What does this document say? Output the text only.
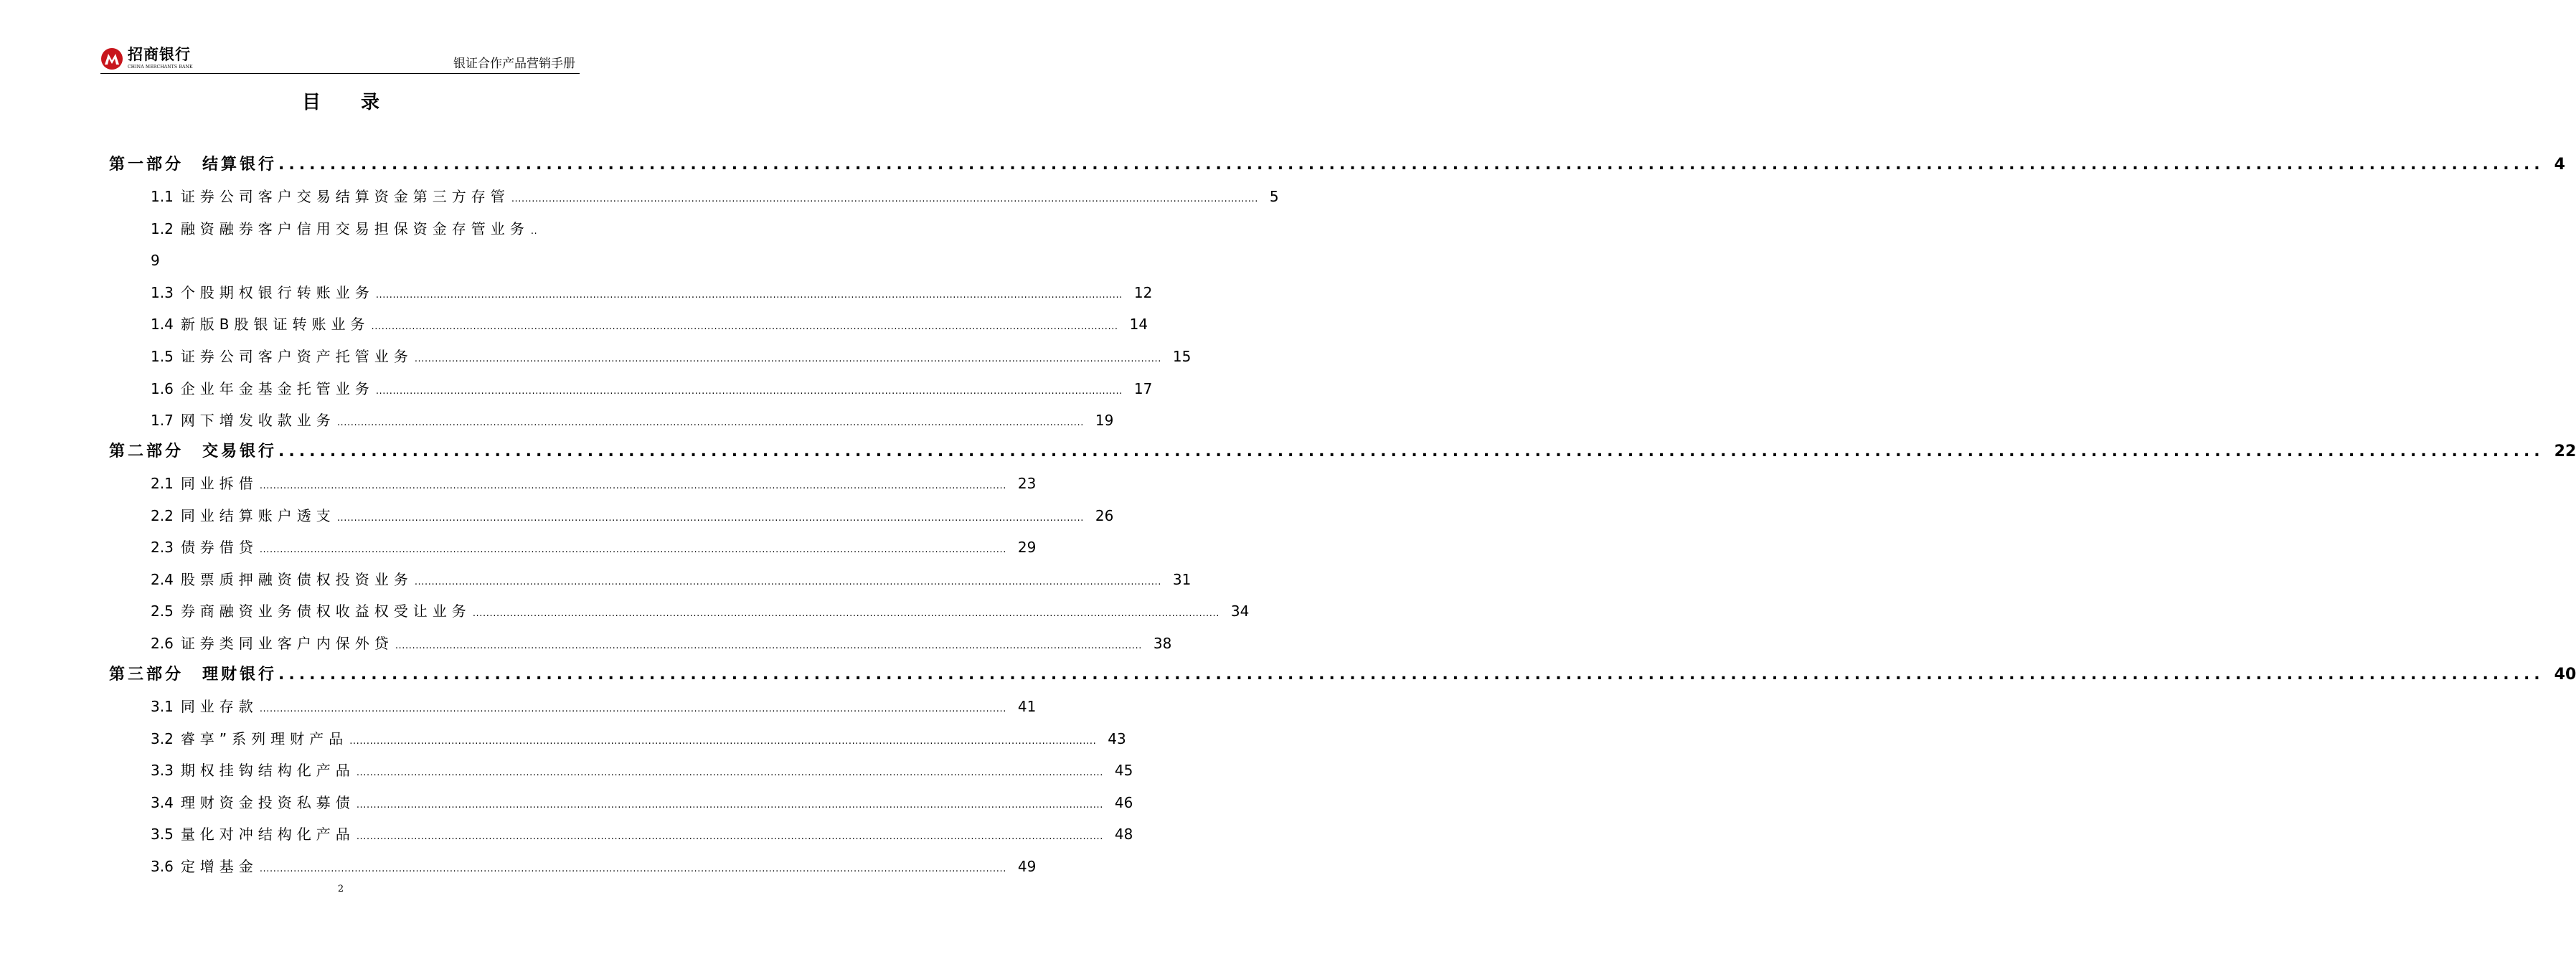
招商银行
CHINA MERCHANTS BANK	银证合作产品营销手册
目录
第一部分 结算银行 ............................................................................................................................................................................................................................ 4
1.1 证券公司客户交易结算资金第三方存管 ............................................................................................................................................................................................................................ 5
1.2 融资融券客户信用交易担保资金存管业务 ..
9
1.3 个股期权银行转账业务 ............................................................................................................................................................................................................................ 12
1.4 新版B股银证转账业务 ............................................................................................................................................................................................................................ 14
1.5 证券公司客户资产托管业务 ............................................................................................................................................................................................................................ 15
1.6 企业年金基金托管业务 ............................................................................................................................................................................................................................ 17
1.7 网下增发收款业务 ............................................................................................................................................................................................................................ 19
第二部分 交易银行 ............................................................................................................................................................................................................................ 22
2.1 同业拆借 ............................................................................................................................................................................................................................ 23
2.2 同业结算账户透支 ............................................................................................................................................................................................................................ 26
2.3 债券借贷 ............................................................................................................................................................................................................................ 29
2.4 股票质押融资债权投资业务 ............................................................................................................................................................................................................................ 31
2.5 券商融资业务债权收益权受让业务 ............................................................................................................................................................................................................................ 34
2.6 证券类同业客户内保外贷 ............................................................................................................................................................................................................................ 38
第三部分 理财银行 ............................................................................................................................................................................................................................ 40
3.1 同业存款 ............................................................................................................................................................................................................................ 41
3.2 睿享”系列理财产品 ............................................................................................................................................................................................................................ 43
3.3 期权挂钩结构化产品 ............................................................................................................................................................................................................................ 45
3.4 理财资金投资私募债 ............................................................................................................................................................................................................................ 46
3.5 量化对冲结构化产品 ............................................................................................................................................................................................................................ 48
3.6 定增基金 ............................................................................................................................................................................................................................ 49
2
